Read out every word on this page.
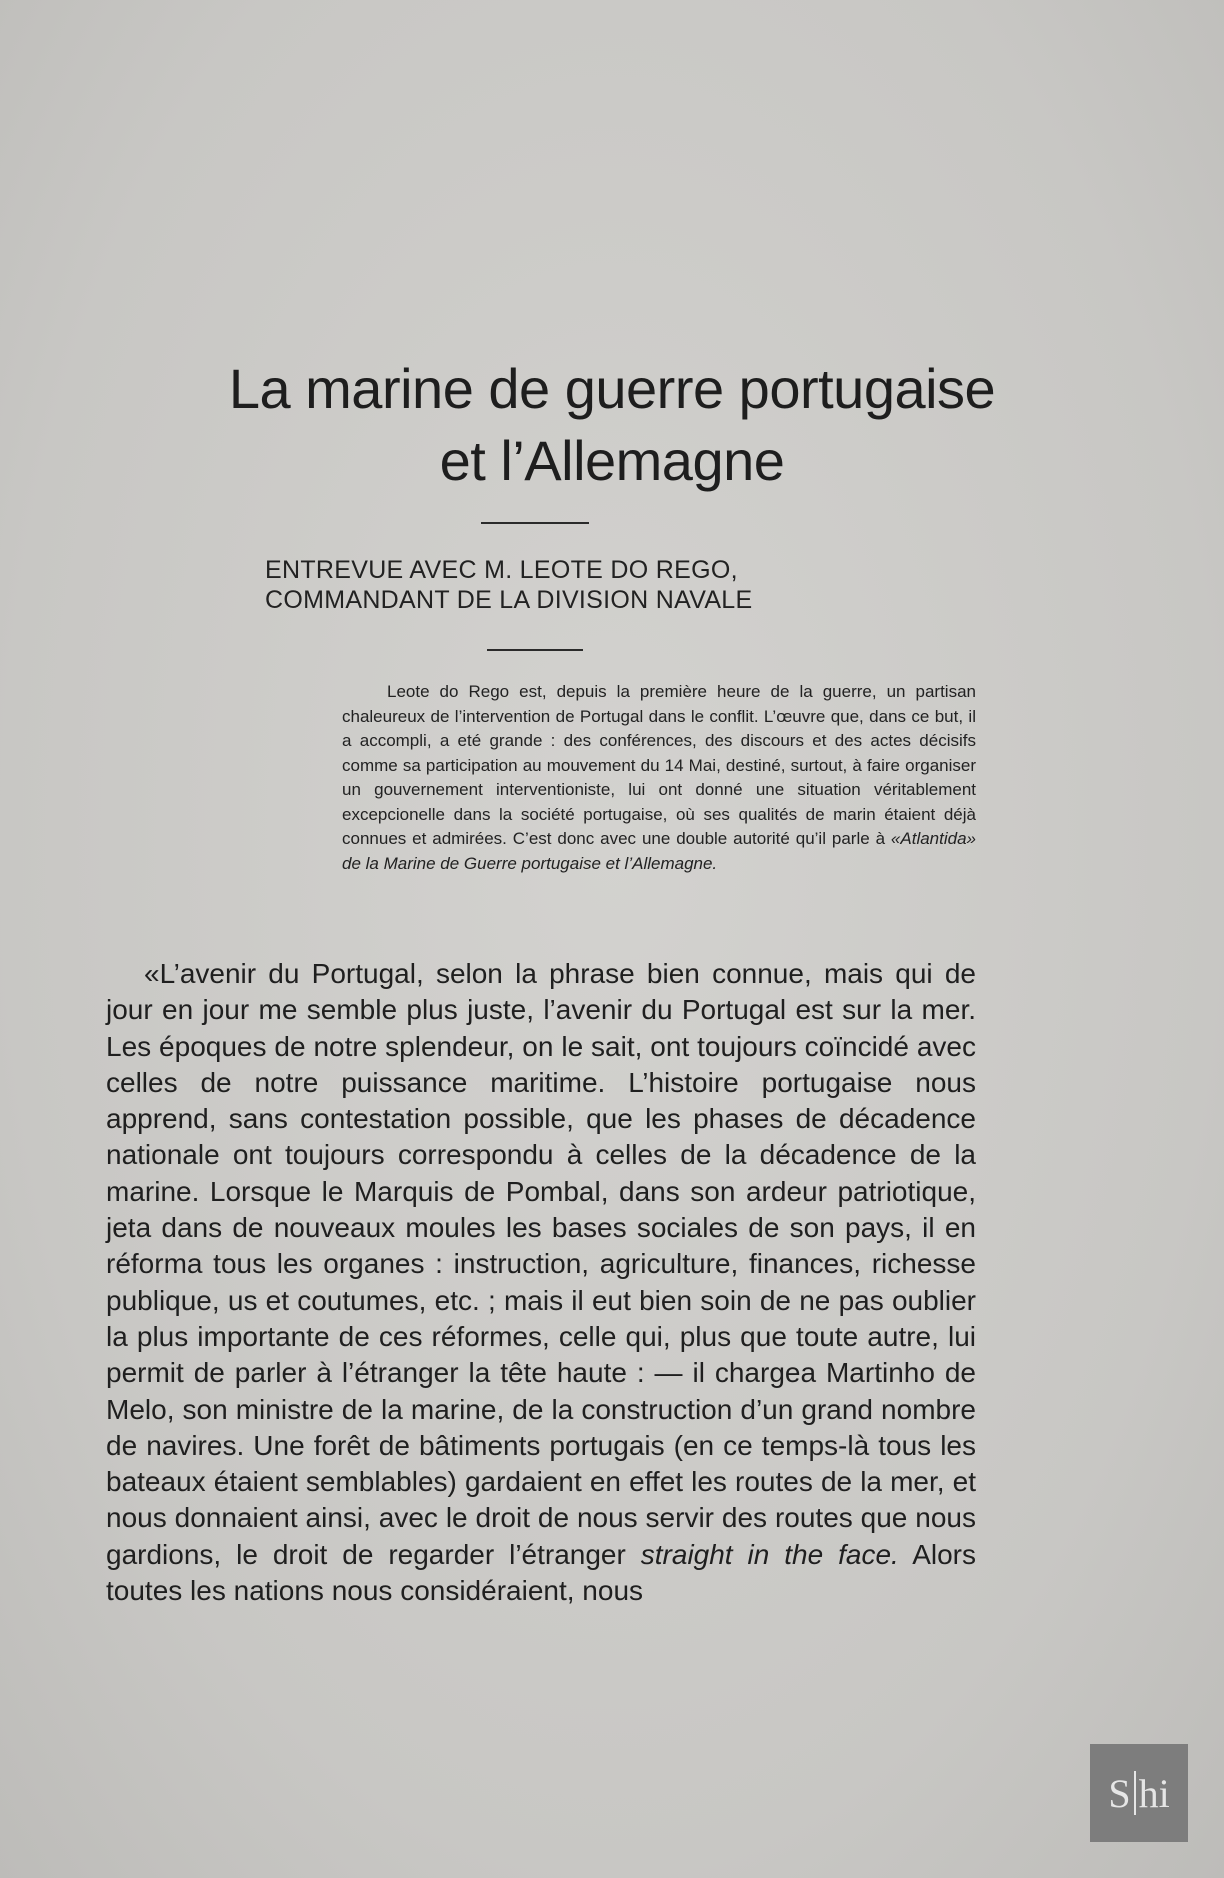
La marine de guerre portugaise
et l’Allemagne
ENTREVUE AVEC M. LEOTE DO REGO,
COMMANDANT DE LA DIVISION NAVALE

Leote do Rego est, depuis la première heure de la guerre, un partisan chaleureux de l’intervention de Portugal dans le conflit. L’œuvre que, dans ce but, il a accompli, a eté grande : des conférences, des discours et des actes décisifs comme sa participation au mouvement du 14 Mai, destiné, surtout, à faire organiser un gouvernement interventioniste, lui ont donné une situation véritablement excepcionelle dans la société portugaise, où ses qualités de marin étaient déjà connues et admirées. C’est donc avec une double autorité qu’il parle à «Atlantida» de la Marine de Guerre portugaise et l’Allemagne.

«L’avenir du Portugal, selon la phrase bien connue, mais qui de jour en jour me semble plus juste, l’avenir du Portugal est sur la mer. Les époques de notre splendeur, on le sait, ont toujours coïncidé avec celles de notre puissance maritime. L’histoire portugaise nous apprend, sans contestation possible, que les phases de décadence nationale ont toujours correspondu à celles de la décadence de la marine. Lorsque le Marquis de Pombal, dans son ardeur patriotique, jeta dans de nouveaux moules les bases sociales de son pays, il en réforma tous les organes : instruction, agriculture, finances, richesse publique, us et coutumes, etc. ; mais il eut bien soin de ne pas oublier la plus importante de ces réformes, celle qui, plus que toute autre, lui permit de parler à l’étranger la tête haute : — il chargea Martinho de Melo, son ministre de la marine, de la construction d’un grand nombre de navires. Une forêt de bâtiments portugais (en ce temps-là tous les bateaux étaient semblables) gardaient en effet les routes de la mer, et nous donnaient ainsi, avec le droit de nous servir des routes que nous gardions, le droit de regarder l’étranger straight in the face. Alors toutes les nations nous considéraient, nous

S hi
